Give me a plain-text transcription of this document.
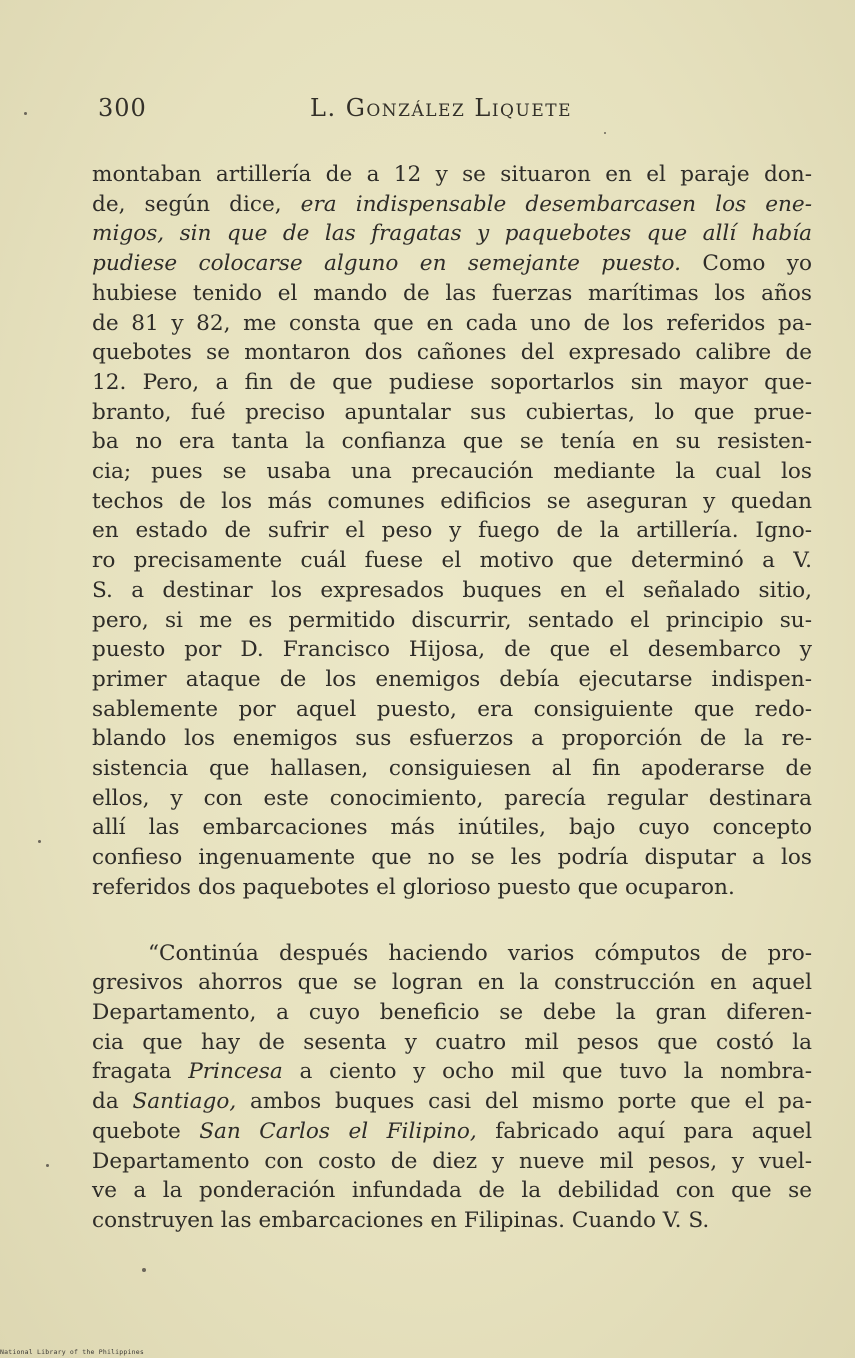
300	L. González Liquete
montaban artillería de a 12 y se situaron en el paraje don-
de, según dice, era indispensable desembarcasen los ene-
migos, sin que de las fragatas y paquebotes que allí había
pudiese colocarse alguno en semejante puesto. Como yo
hubiese tenido el mando de las fuerzas marítimas los años
de 81 y 82, me consta que en cada uno de los referidos pa-
quebotes se montaron dos cañones del expresado calibre de
12. Pero, a fin de que pudiese soportarlos sin mayor que-
branto, fué preciso apuntalar sus cubiertas, lo que prue-
ba no era tanta la confianza que se tenía en su resisten-
cia; pues se usaba una precaución mediante la cual los
techos de los más comunes edificios se aseguran y quedan
en estado de sufrir el peso y fuego de la artillería. Igno-
ro precisamente cuál fuese el motivo que determinó a V.
S. a destinar los expresados buques en el señalado sitio,
pero, si me es permitido discurrir, sentado el principio su-
puesto por D. Francisco Hijosa, de que el desembarco y
primer ataque de los enemigos debía ejecutarse indispen-
sablemente por aquel puesto, era consiguiente que redo-
blando los enemigos sus esfuerzos a proporción de la re-
sistencia que hallasen, consiguiesen al fin apoderarse de
ellos, y con este conocimiento, parecía regular destinara
allí las embarcaciones más inútiles, bajo cuyo concepto
confieso ingenuamente que no se les podría disputar a los
referidos dos paquebotes el glorioso puesto que ocuparon.
“Continúa después haciendo varios cómputos de pro-
gresivos ahorros que se logran en la construcción en aquel
Departamento, a cuyo beneficio se debe la gran diferen-
cia que hay de sesenta y cuatro mil pesos que costó la
fragata Princesa a ciento y ocho mil que tuvo la nombra-
da Santiago, ambos buques casi del mismo porte que el pa-
quebote San Carlos el Filipino, fabricado aquí para aquel
Departamento con costo de diez y nueve mil pesos, y vuel-
ve a la ponderación infundada de la debilidad con que se
construyen las embarcaciones en Filipinas. Cuando V. S.
National Library of the Philippines
